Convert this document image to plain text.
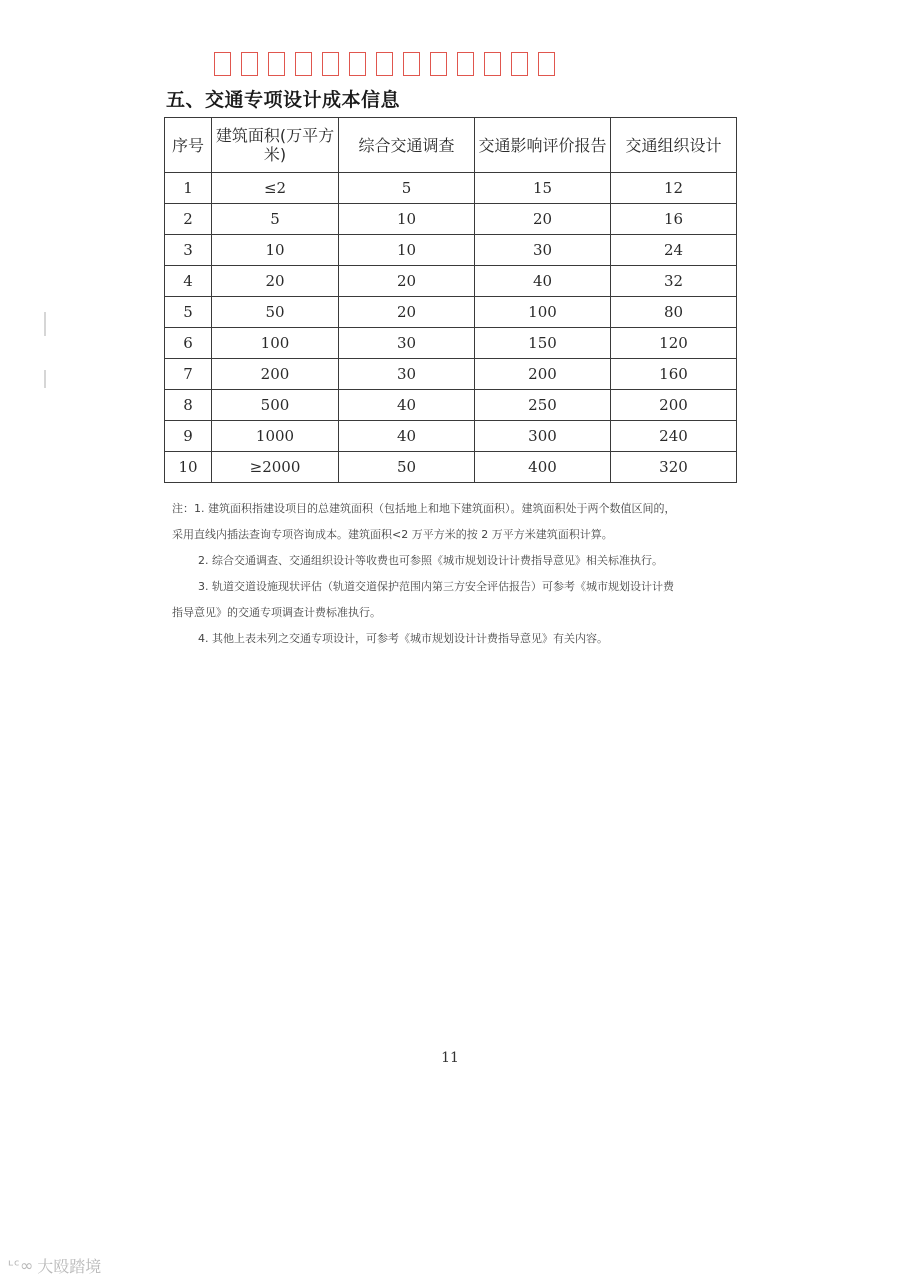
五、交通专项设计成本信息
序号	建筑面积(万平方米)	综合交通调查	交通影响评价报告	交通组织设计
1	≤2	5	15	12
2	5	10	20	16
3	10	10	30	24
4	20	20	40	32
5	50	20	100	80
6	100	30	150	120
7	200	30	200	160
8	500	40	250	200
9	1000	40	300	240
10	≥2000	50	400	320

注：1. 建筑面积指建设项目的总建筑面积（包括地上和地下建筑面积）。建筑面积处于两个数值区间的，

采用直线内插法查询专项咨询成本。建筑面积<2 万平方米的按 2 万平方米建筑面积计算。

2. 综合交通调查、交通组织设计等收费也可参照《城市规划设计计费指导意见》相关标准执行。

3. 轨道交道设施现状评估（轨道交道保护范围内第三方安全评估报告）可参考《城市规划设计计费

指导意见》的交通专项调查计费标准执行。

4. 其他上表未列之交通专项设计，可参考《城市规划设计计费指导意见》有关内容。

11
ᶫᶜ∞ 大殴踏境
